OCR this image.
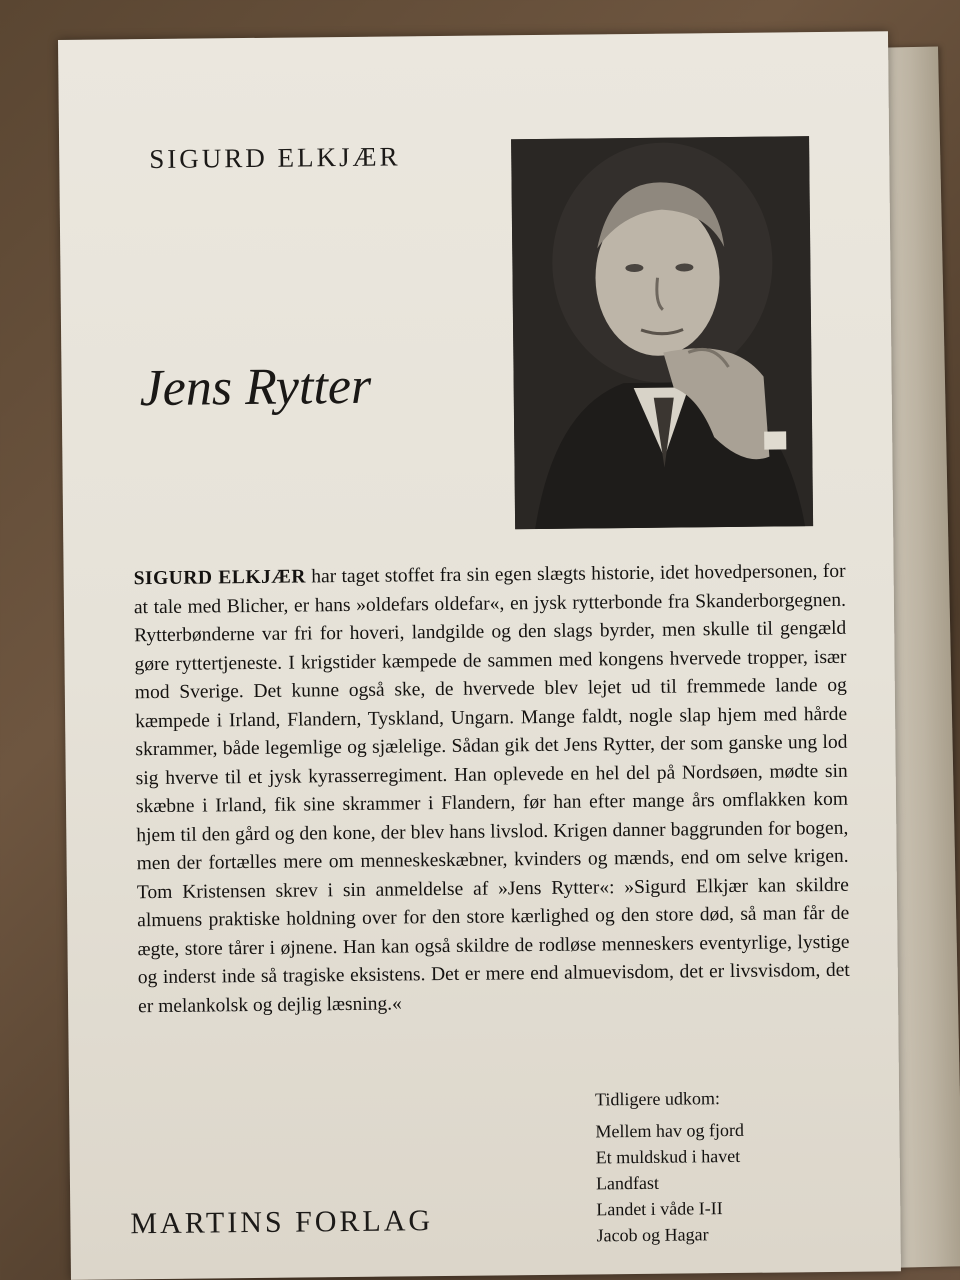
SIGURD ELKJÆR
Jens Rytter

SIGURD ELKJÆR har taget stoffet fra sin egen slægts historie, idet hovedpersonen, for at tale med Blicher, er hans »oldefars oldefar«, en jysk rytterbonde fra Skanderborgegnen. Rytterbønderne var fri for hoveri, landgilde og den slags byrder, men skulle til gengæld gøre ryttertjeneste. I krigstider kæmpede de sammen med kongens hvervede tropper, især mod Sverige. Det kunne også ske, de hvervede blev lejet ud til fremmede lande og kæmpede i Irland, Flandern, Tyskland, Ungarn. Mange faldt, nogle slap hjem med hårde skrammer, både legemlige og sjælelige. Sådan gik det Jens Rytter, der som ganske ung lod sig hverve til et jysk kyrasserregiment. Han oplevede en hel del på Nordsøen, mødte sin skæbne i Irland, fik sine skrammer i Flandern, før han efter mange års omflakken kom hjem til den gård og den kone, der blev hans livslod. Krigen danner baggrunden for bogen, men der fortælles mere om menneskeskæbner, kvinders og mænds, end om selve krigen. Tom Kristensen skrev i sin anmeldelse af »Jens Rytter«: »Sigurd Elkjær kan skildre almuens praktiske holdning over for den store kærlighed og den store død, så man får de ægte, store tårer i øjnene. Han kan også skildre de rodløse menneskers eventyrlige, lystige og inderst inde så tragiske eksistens. Det er mere end almuevisdom, det er livsvisdom, det er melankolsk og dejlig læsning.«

Tidligere udkom:
Mellem hav og fjord
Et muldskud i havet
Landfast
Landet i våde I-II
Jacob og Hagar
MARTINS FORLAG
